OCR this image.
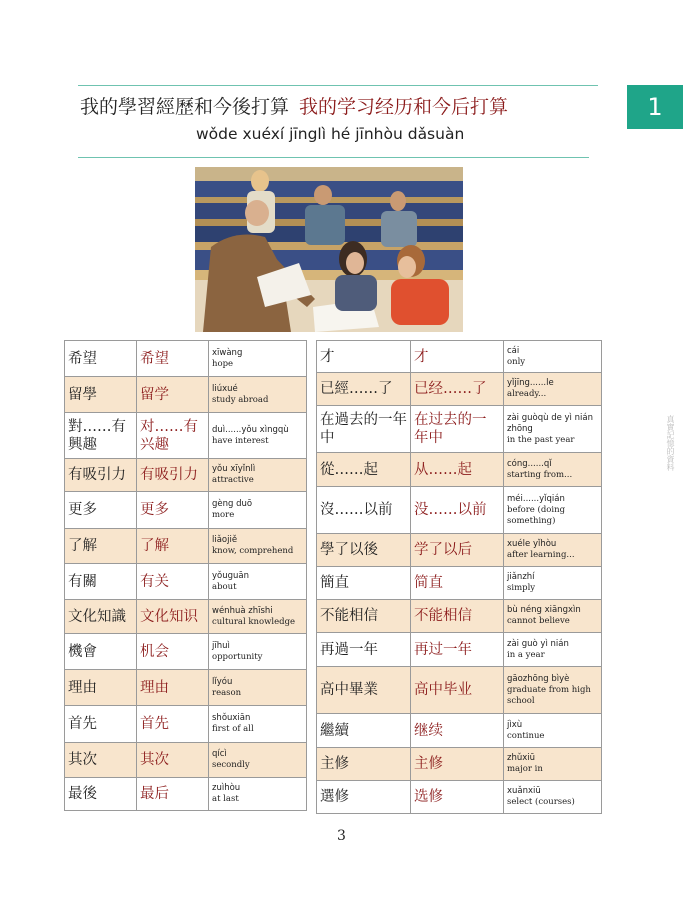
我的學習經歷和今後打算 我的学习经历和今后打算
wǒde xuéxí jīnglì hé jīnhòu dǎsuàn
1
真實記憶的資料
希望	希望	xīwàng
hope

留學	留学	liúxué
study abroad

對……有興趣	对……有兴趣	duì......yǒu xìngqù
have interest

有吸引力	有吸引力	yǒu xīyǐnlì
attractive

更多	更多	gèng duō
more

了解	了解	liǎojiě
know, comprehend

有關	有关	yǒuguān
about

文化知識	文化知识	wénhuà zhīshi
cultural knowledge

機會	机会	jīhuì
opportunity

理由	理由	lǐyóu
reason

首先	首先	shǒuxiān
first of all

其次	其次	qícì
secondly

最後	最后	zuìhòu
at last
才	才	cái
only

已經……了	已经……了	yǐjīng......le
already...

在過去的一年中	在过去的一年中	zài guòqù de yì nián zhōng
in the past year

從……起	从……起	cóng......qǐ
starting from...

沒……以前	没……以前	méi......yǐqián
before (doing something)

學了以後	学了以后	xuéle yǐhòu
after learning...

簡直	简直	jiǎnzhí
simply

不能相信	不能相信	bù néng xiāngxìn
cannot believe

再過一年	再过一年	zài guò yì nián
in a year

高中畢業	高中毕业	gāozhōng bìyè
graduate from high school

繼續	继续	jìxù
continue

主修	主修	zhǔxiū
major in

選修	选修	xuǎnxiū
select (courses)
3
